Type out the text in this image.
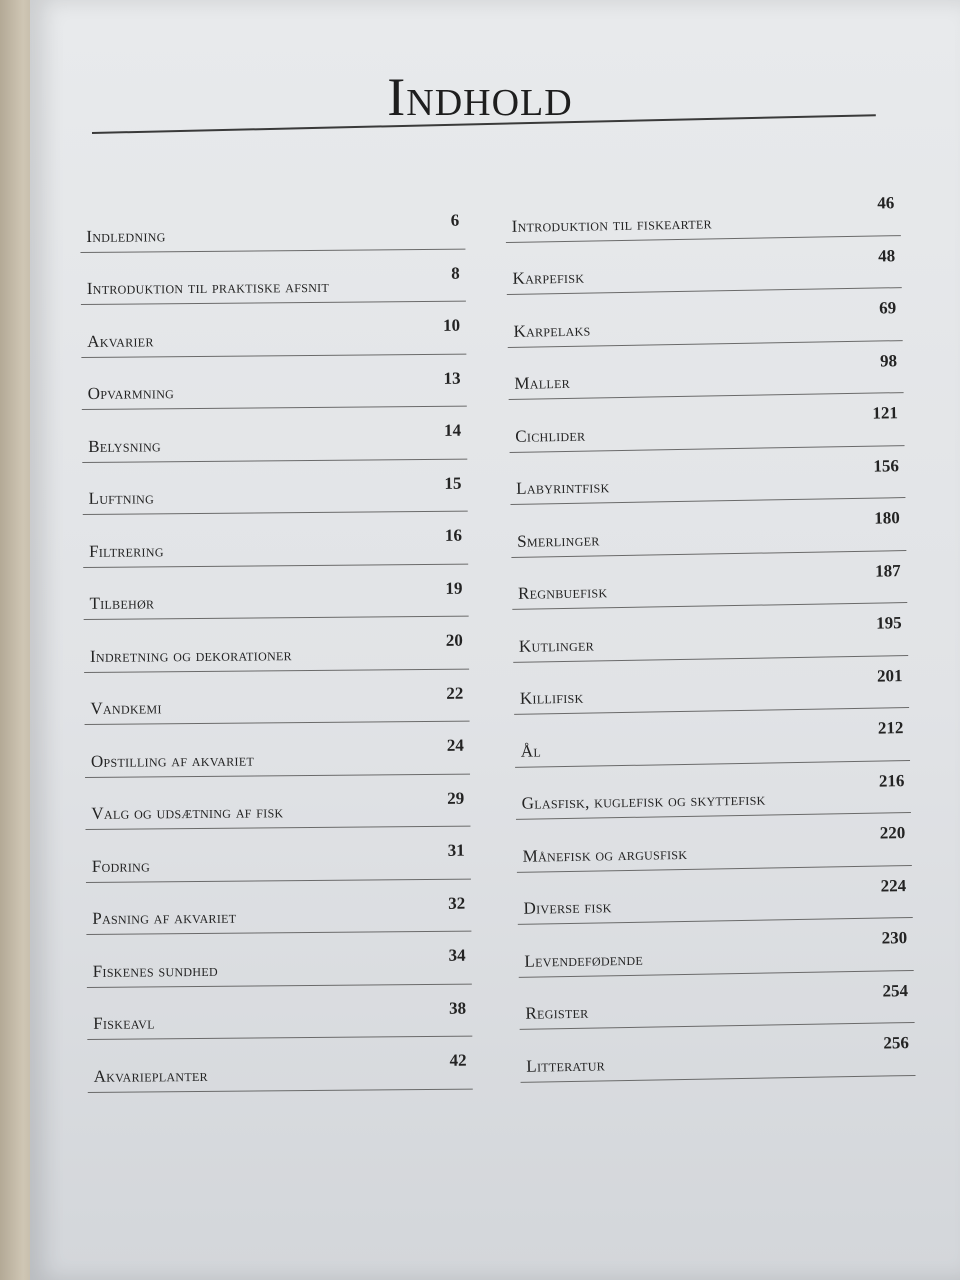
Indhold
Indledning
6
Introduktion til praktiske afsnit
8
Akvarier
10
Opvarmning
13
Belysning
14
Luftning
15
Filtrering
16
Tilbehør
19
Indretning og dekorationer
20
Vandkemi
22
Opstilling af akvariet
24
Valg og udsætning af fisk
29
Fodring
31
Pasning af akvariet
32
Fiskenes sundhed
34
Fiskeavl
38
Akvarieplanter
42
Introduktion til fiskearter
46
Karpefisk
48
Karpelaks
69
Maller
98
Cichlider
121
Labyrintfisk
156
Smerlinger
180
Regnbuefisk
187
Kutlinger
195
Killifisk
201
Ål
212
Glasfisk, kuglefisk og skyttefisk
216
Månefisk og argusfisk
220
Diverse fisk
224
Levendefødende
230
Register
254
Litteratur
256
